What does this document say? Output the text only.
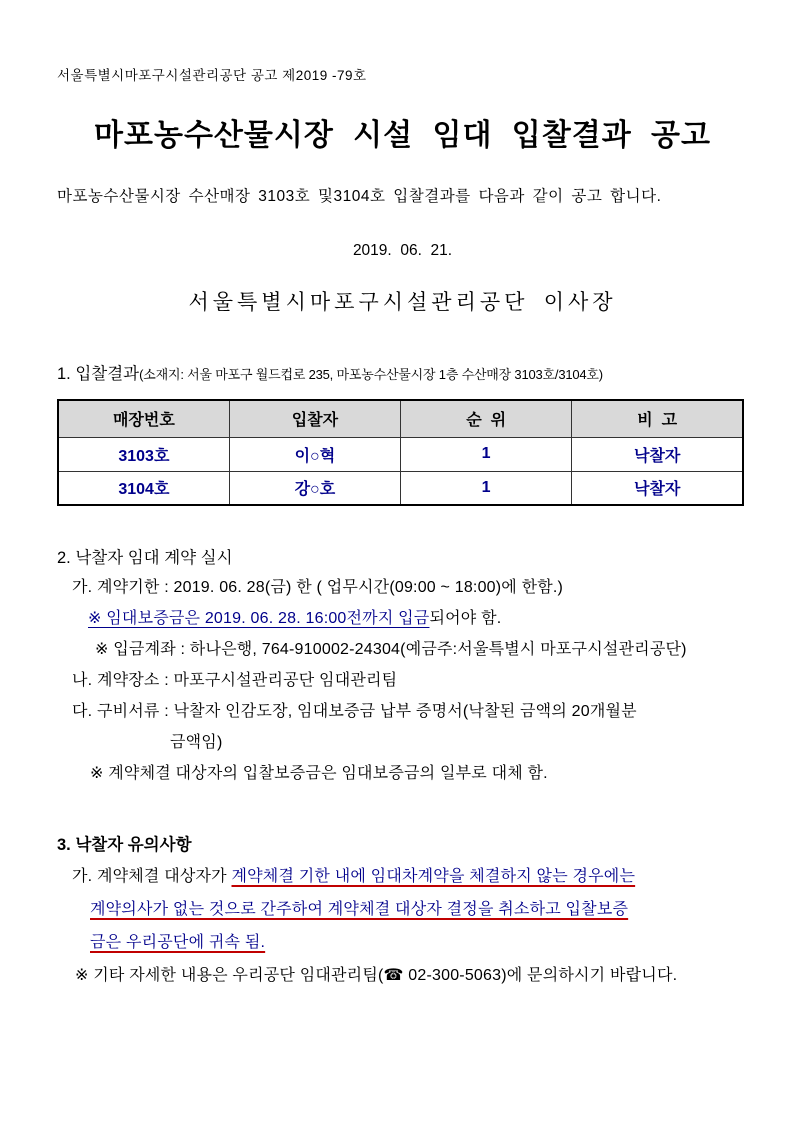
서울특별시마포구시설관리공단 공고 제2019 -79호
마포농수산물시장 시설 임대 입찰결과 공고
마포농수산물시장 수산매장 3103호 및3104호 입찰결과를 다음과 같이 공고 합니다.
2019.  06.  21.
서울특별시마포구시설관리공단 이사장
1. 입찰결과(소재지: 서울 마포구 월드컵로 235, 마포농수산물시장 1층 수산매장 3103호/3104호)
매장번호	입찰자	순  위	비  고
3103호	이○혁	1	낙찰자
3104호	강○호	1	낙찰자
2. 낙찰자 임대 계약 실시
가. 계약기한 : 2019. 06. 28(금) 한 ( 업무시간(09:00 ~ 18:00)에 한함.)
※ 임대보증금은 2019. 06. 28. 16:00전까지 입금되어야 함.
※ 입금계좌 : 하나은행, 764-910002-24304(예금주:서울특별시 마포구시설관리공단)
나. 계약장소 : 마포구시설관리공단 임대관리팀
다. 구비서류 : 낙찰자 인감도장, 임대보증금 납부 증명서(낙찰된 금액의 20개월분
금액임)
※ 계약체결 대상자의 입찰보증금은 임대보증금의 일부로 대체 함.
3. 낙찰자 유의사항
가. 계약체결 대상자가 계약체결 기한 내에 임대차계약을 체결하지 않는 경우에는
계약의사가 없는 것으로 간주하여 계약체결 대상자 결정을 취소하고 입찰보증
금은 우리공단에 귀속 됨.
※ 기타 자세한 내용은 우리공단 임대관리팀(☎ 02-300-5063)에 문의하시기 바랍니다.
